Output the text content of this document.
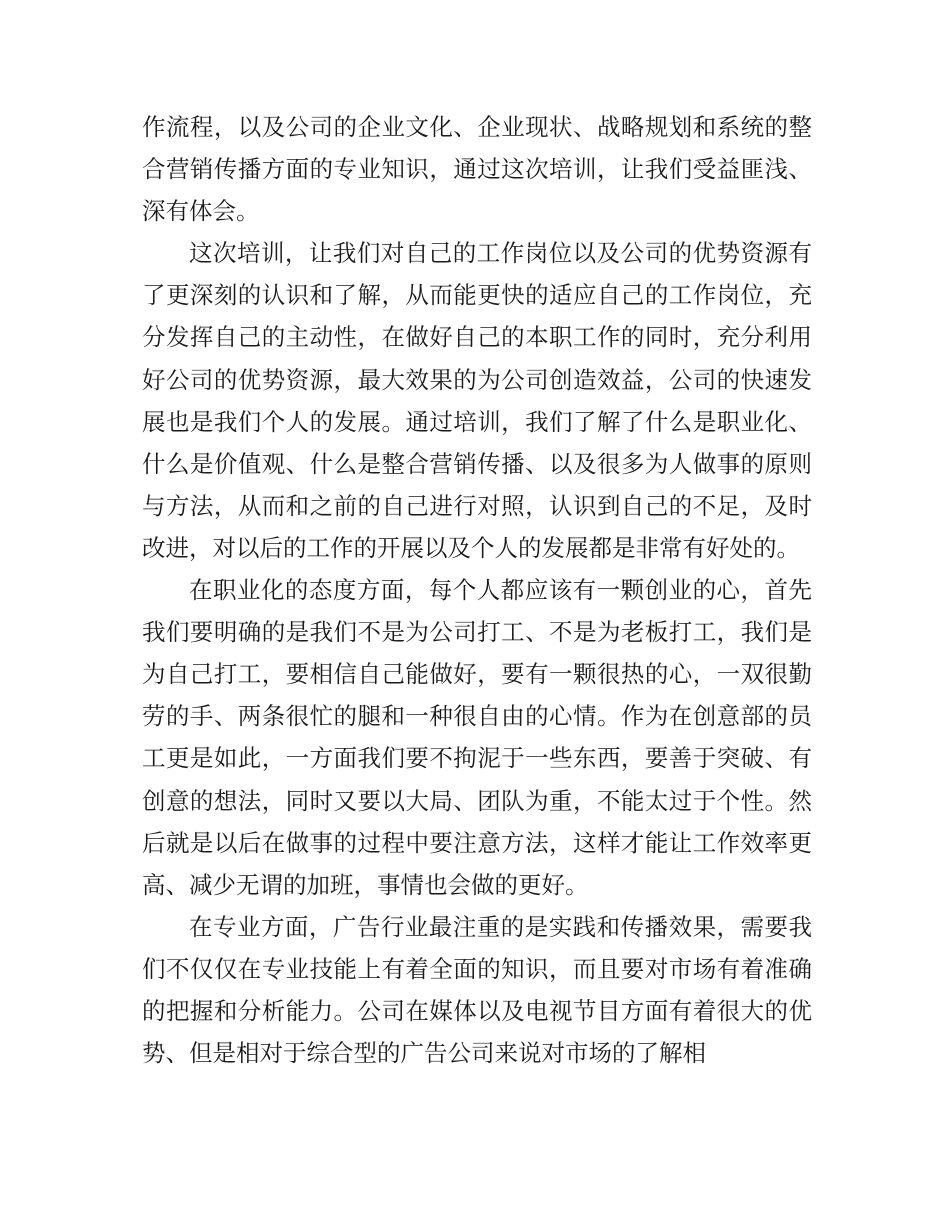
作流程，以及公司的企业文化、企业现状、战略规划和系统的整合营销传播方面的专业知识，通过这次培训，让我们受益匪浅、深有体会。

这次培训，让我们对自己的工作岗位以及公司的优势资源有了更深刻的认识和了解，从而能更快的适应自己的工作岗位，充分发挥自己的主动性，在做好自己的本职工作的同时，充分利用好公司的优势资源，最大效果的为公司创造效益，公司的快速发展也是我们个人的发展。通过培训，我们了解了什么是职业化、什么是价值观、什么是整合营销传播、以及很多为人做事的原则与方法，从而和之前的自己进行对照，认识到自己的不足，及时改进，对以后的工作的开展以及个人的发展都是非常有好处的。

在职业化的态度方面，每个人都应该有一颗创业的心，首先我们要明确的是我们不是为公司打工、不是为老板打工，我们是为自己打工，要相信自己能做好，要有一颗很热的心，一双很勤劳的手、两条很忙的腿和一种很自由的心情。作为在创意部的员工更是如此，一方面我们要不拘泥于一些东西，要善于突破、有创意的想法，同时又要以大局、团队为重，不能太过于个性。然后就是以后在做事的过程中要注意方法，这样才能让工作效率更高、减少无谓的加班，事情也会做的更好。

在专业方面，广告行业最注重的是实践和传播效果，需要我们不仅仅在专业技能上有着全面的知识，而且要对市场有着准确的把握和分析能力。公司在媒体以及电视节目方面有着很大的优势、但是相对于综合型的广告公司来说对市场的了解相
